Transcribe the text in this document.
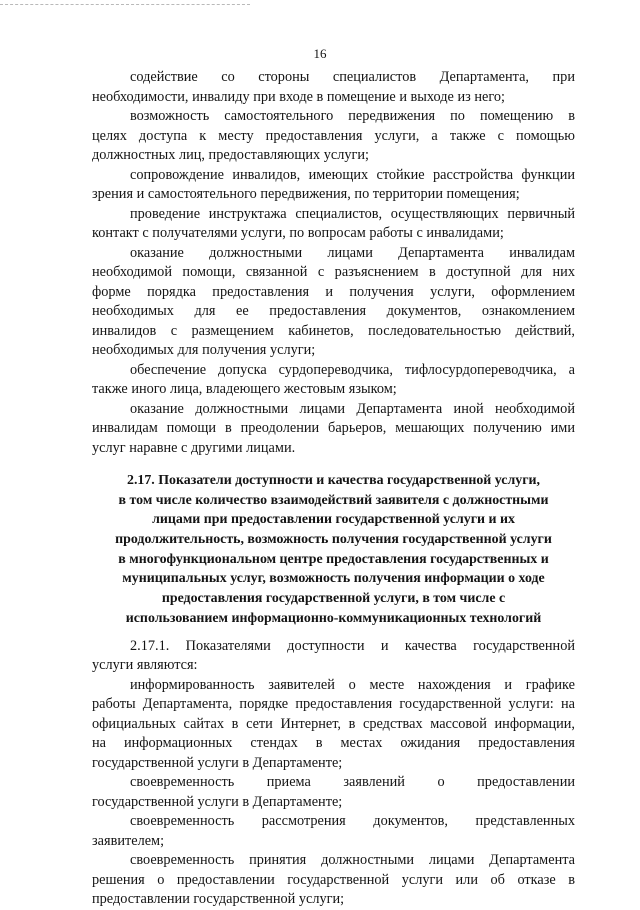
16
содействие со стороны специалистов Департамента, при
необходимости, инвалиду при входе в помещение и выходе из него;
возможность самостоятельного передвижения по помещению в
целях доступа к месту предоставления услуги, а также с помощью
должностных лиц, предоставляющих услуги;
сопровождение инвалидов, имеющих стойкие расстройства функции
зрения и самостоятельного передвижения, по территории помещения;
проведение инструктажа специалистов, осуществляющих первичный
контакт с получателями услуги, по вопросам работы с инвалидами;
оказание должностными лицами Департамента инвалидам
необходимой помощи, связанной с разъяснением в доступной для них
форме порядка предоставления и получения услуги, оформлением
необходимых для ее предоставления документов, ознакомлением
инвалидов с размещением кабинетов, последовательностью действий,
необходимых для получения услуги;
обеспечение допуска сурдопереводчика, тифлосурдопереводчика, а
также иного лица, владеющего жестовым языком;
оказание должностными лицами Департамента иной необходимой
инвалидам помощи в преодолении барьеров, мешающих получению ими
услуг наравне с другими лицами.
2.17. Показатели доступности и качества государственной услуги,
в том числе количество взаимодействий заявителя с должностными
лицами при предоставлении государственной услуги и их
продолжительность, возможность получения государственной услуги
в многофункциональном центре предоставления государственных и
муниципальных услуг, возможность получения информации о ходе
предоставления государственной услуги, в том числе с
использованием информационно-коммуникационных технологий
2.17.1. Показателями доступности и качества государственной
услуги являются:
информированность заявителей о месте нахождения и графике
работы Департамента, порядке предоставления государственной услуги: на
официальных сайтах в сети Интернет, в средствах массовой информации,
на информационных стендах в местах ожидания предоставления
государственной услуги в Департаменте;
своевременность приема заявлений о предоставлении
государственной услуги в Департаменте;
своевременность рассмотрения документов, представленных
заявителем;
своевременность принятия должностными лицами Департамента
решения о предоставлении государственной услуги или об отказе в
предоставлении государственной услуги;
